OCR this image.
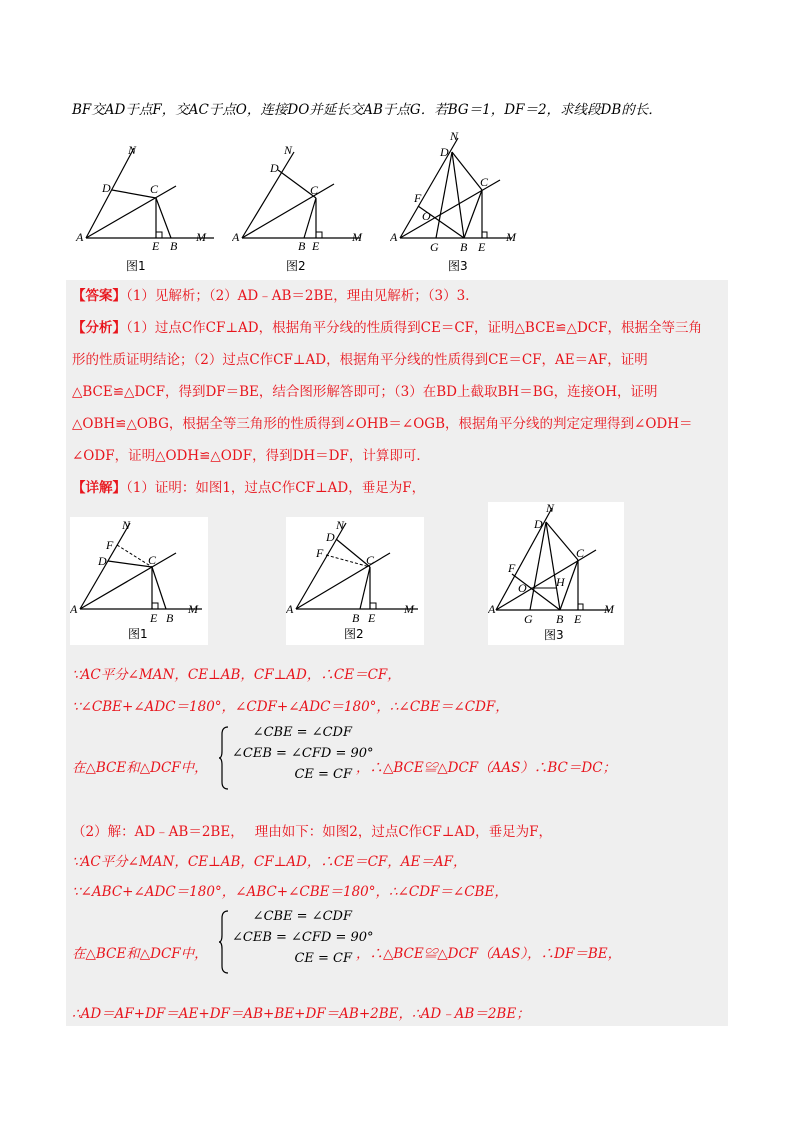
BF交AD于点F，交AC于点O，连接DO并延长交AB于点G．若BG＝1，DF＝2，求线段DB的长．
N
D	C
A
E B
M
图1
N
D
C
A
B E
M
图2
N
D
C
F
O
A
G B E
M
图3
【答案】（1）见解析；（2）AD﹣AB＝2BE，理由见解析；（3）3．
【分析】（1）过点C作CF⊥AD，根据角平分线的性质得到CE＝CF，证明△BCE≌△DCF，根据全等三角
形的性质证明结论；（2）过点C作CF⊥AD，根据角平分线的性质得到CE＝CF，AE＝AF，证明
△BCE≌△DCF，得到DF＝BE，结合图形解答即可；（3）在BD上截取BH＝BG，连接OH，证明
△OBH≌△OBG，根据全等三角形的性质得到∠OHB＝∠OGB，根据角平分线的判定定理得到∠ODH＝
∠ODF，证明△ODH≌△ODF，得到DH＝DF，计算即可．
【详解】（1）证明：如图1，过点C作CF⊥AD，垂足为F，
N
F
D	C
A
E B
M
图1
N
D
F	C
A
B E
M
图2
N
D
C
F
O H
A
G B E
M
图3
∵AC平分∠MAN，CE⊥AB，CF⊥AD，∴CE＝CF，
∵∠CBE+∠ADC＝180°，∠CDF+∠ADC＝180°，∴∠CBE＝∠CDF，
在△BCE和△DCF中，
∠CBE = ∠CDF
∠CEB = ∠CFD = 90°
CE = CF ，∴△BCE≌△DCF（AAS）∴BC＝DC；
（2）解：AD﹣AB＝2BE，　 理由如下：如图2，过点C作CF⊥AD，垂足为F，
∵AC平分∠MAN，CE⊥AB，CF⊥AD，∴CE＝CF，AE＝AF，
∵∠ABC+∠ADC＝180°，∠ABC+∠CBE＝180°，∴∠CDF＝∠CBE，
在△BCE和△DCF中，
∠CBE = ∠CDF
∠CEB = ∠CFD = 90°
CE = CF ，∴△BCE≌△DCF（AAS），∴DF＝BE，
∴AD＝AF+DF＝AE+DF＝AB+BE+DF＝AB+2BE，∴AD﹣AB＝2BE；
